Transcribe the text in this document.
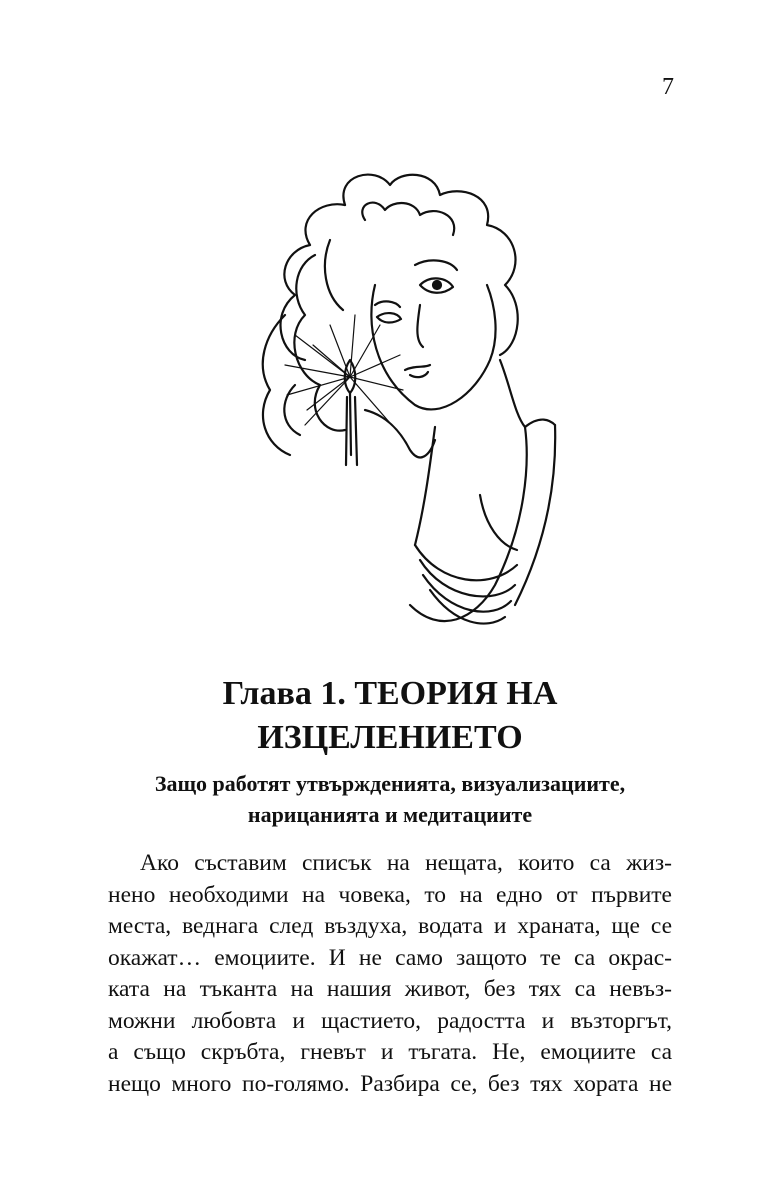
7
Глава 1. ТЕОРИЯ НА
ИЗЦЕЛЕНИЕТО
Защо работят утвържденията, визуализациите,
нарицанията и медитациите
Ако съставим списък на нещата, които са жиз-
нено необходими на човека, то на едно от първите
места, веднага след въздуха, водата и храната, ще се
окажат… емоциите. И не само защото те са окрас-
ката на тъканта на нашия живот, без тях са невъз-
можни любовта и щастието, радостта и възторгът,
а също скръбта, гневът и тъгата. Не, емоциите са
нещо много по-голямо. Разбира се, без тях хората не
